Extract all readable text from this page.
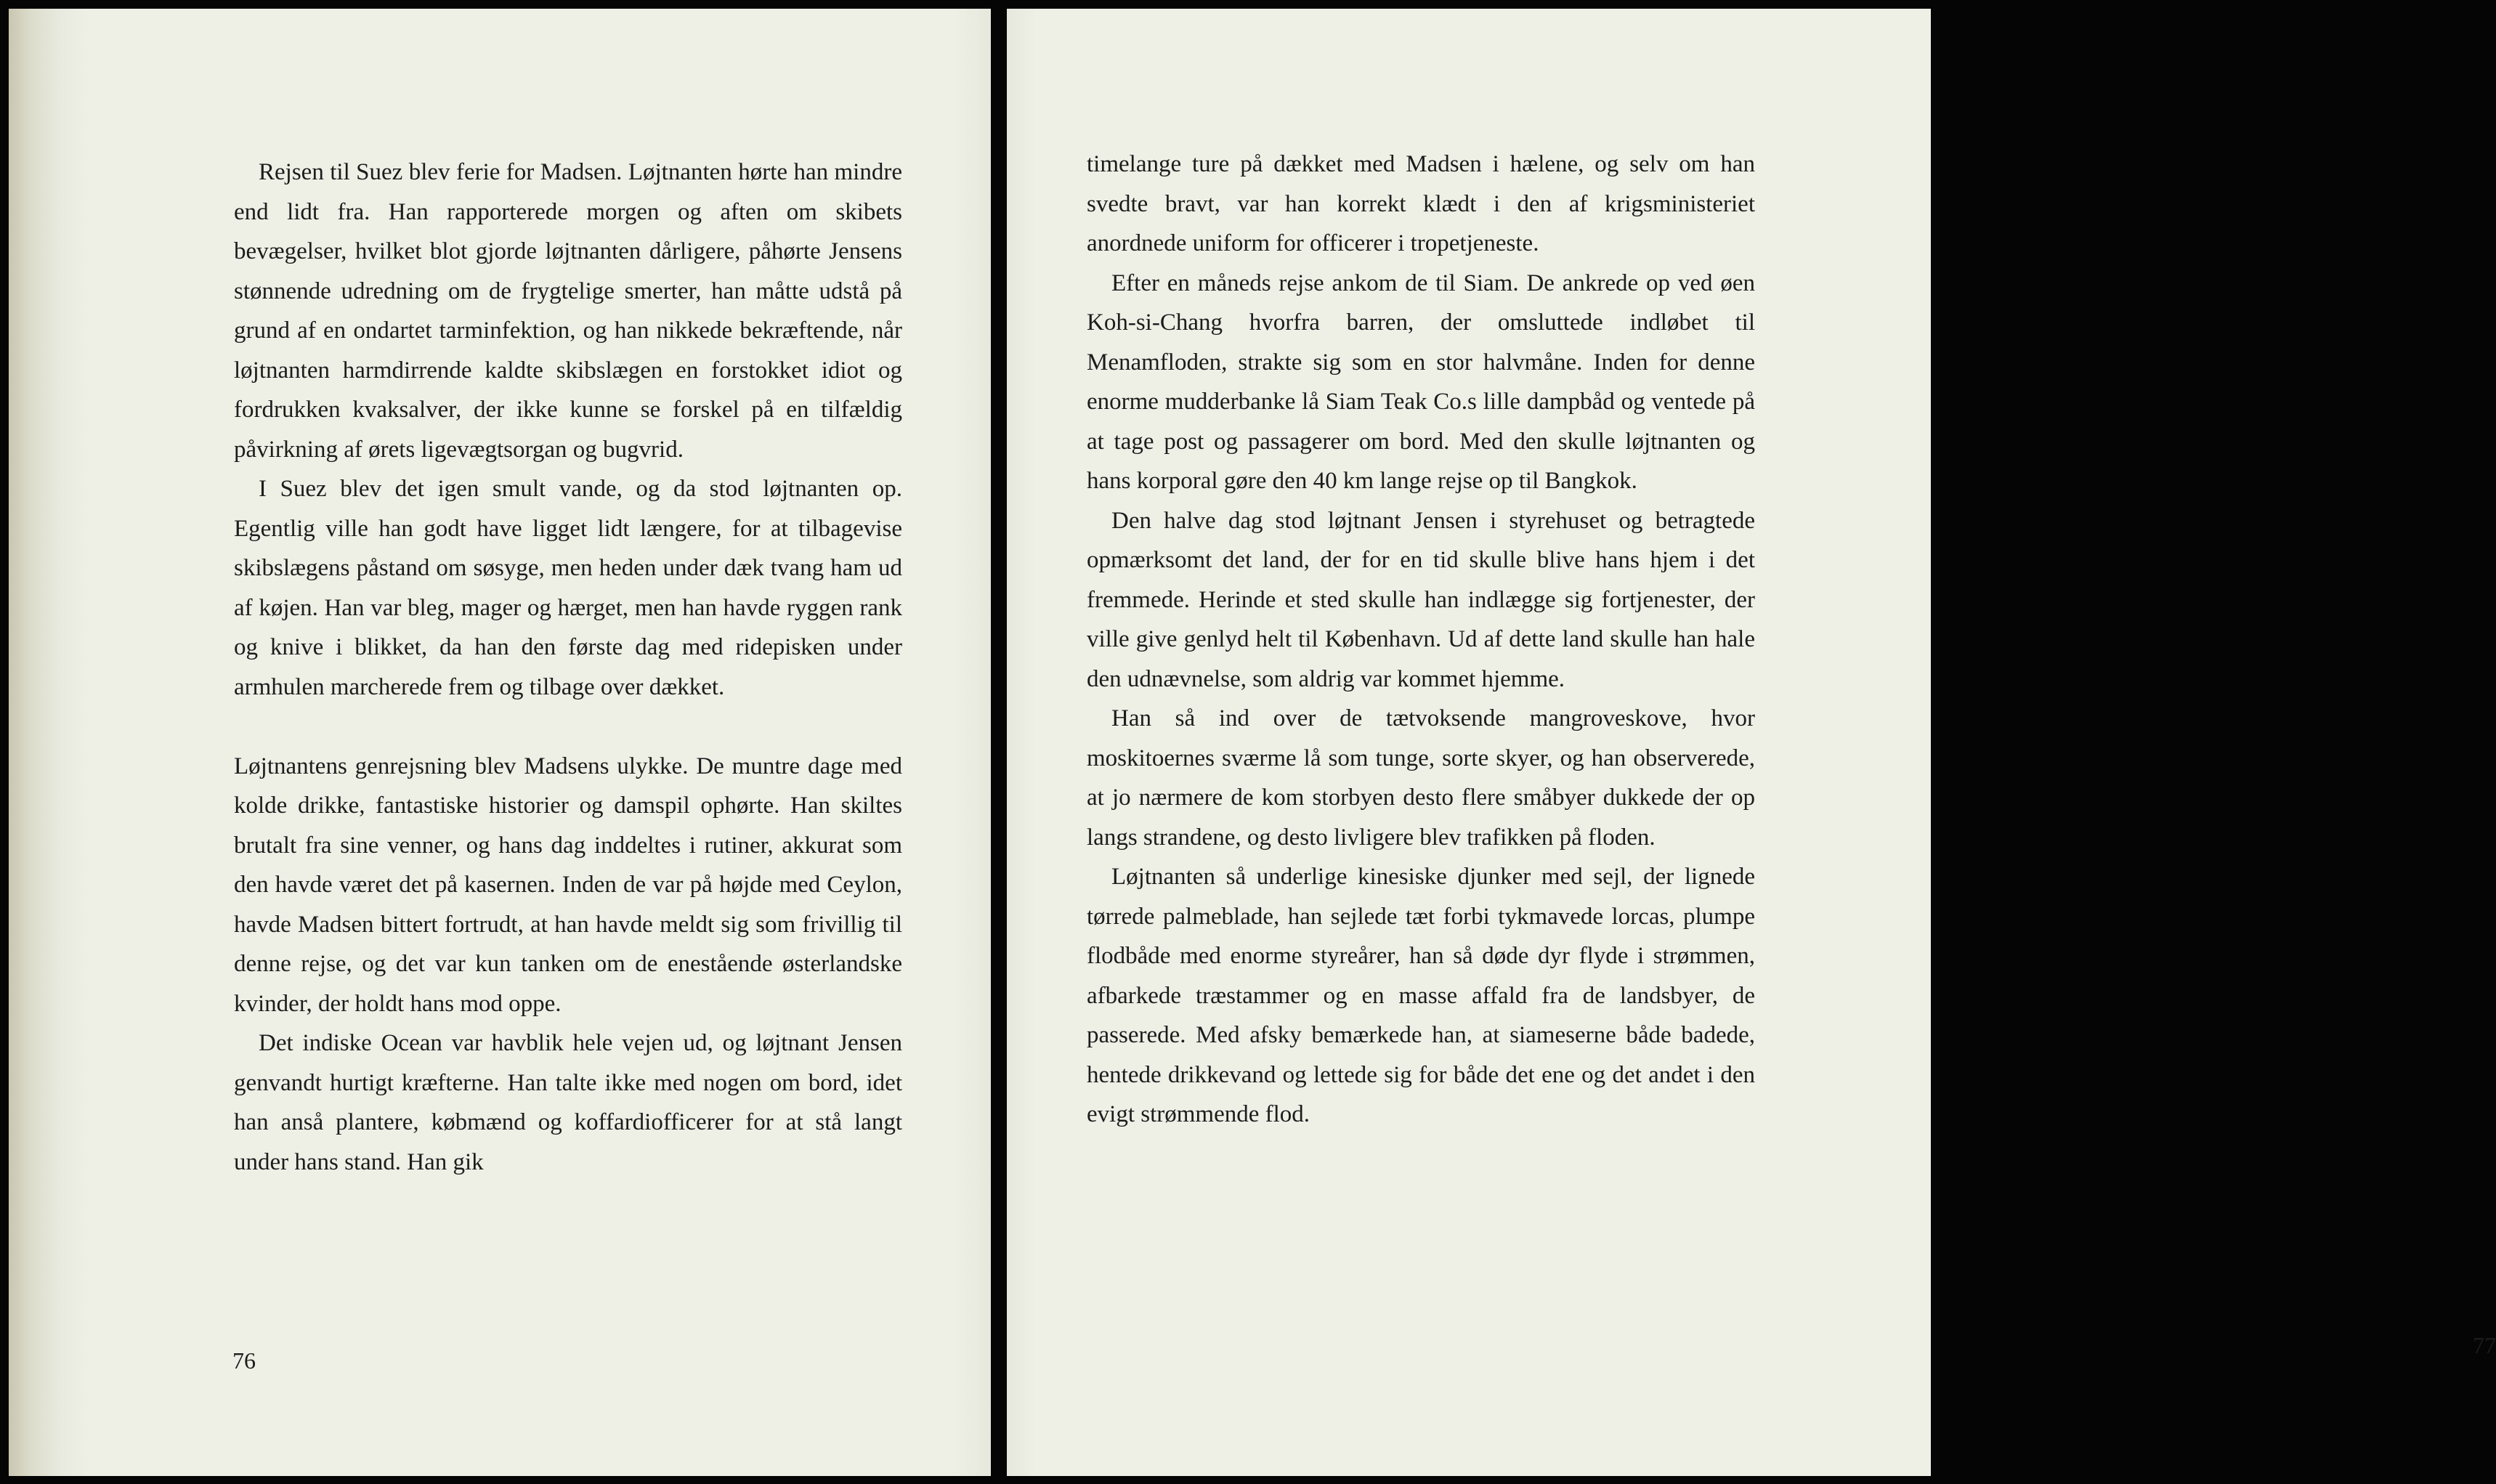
Rejsen til Suez blev ferie for Madsen. Løjtnanten hørte han mindre end lidt fra. Han rapporterede morgen og aften om skibets bevægelser, hvilket blot gjorde løjtnanten dårligere, påhørte Jensens stønnende udredning om de frygtelige smerter, han måtte udstå på grund af en ondartet tarminfektion, og han nikkede bekræftende, når løjtnanten harmdirrende kaldte skibslægen en forstokket idiot og fordrukken kvaksalver, der ikke kunne se forskel på en tilfældig påvirkning af ørets ligevægtsorgan og bugvrid.

I Suez blev det igen smult vande, og da stod løjtnanten op. Egentlig ville han godt have ligget lidt længere, for at tilbagevise skibslægens påstand om søsyge, men heden under dæk tvang ham ud af køjen. Han var bleg, mager og hærget, men han havde ryggen rank og knive i blikket, da han den første dag med ridepisken under armhulen marcherede frem og tilbage over dækket.

Løjtnantens genrejsning blev Madsens ulykke. De muntre dage med kolde drikke, fantastiske historier og damspil ophørte. Han skiltes brutalt fra sine venner, og hans dag inddeltes i rutiner, akkurat som den havde været det på kasernen. Inden de var på højde med Ceylon, havde Madsen bittert fortrudt, at han havde meldt sig som frivillig til denne rejse, og det var kun tanken om de enestående østerlandske kvinder, der holdt hans mod oppe.

Det indiske Ocean var havblik hele vejen ud, og løjtnant Jensen genvandt hurtigt kræfterne. Han talte ikke med nogen om bord, idet han anså plantere, købmænd og koffardiofficerer for at stå langt under hans stand. Han gik

76

timelange ture på dækket med Madsen i hælene, og selv om han svedte bravt, var han korrekt klædt i den af krigsministeriet anordnede uniform for officerer i tropetjeneste.

Efter en måneds rejse ankom de til Siam. De ankrede op ved øen Koh-si-Chang hvorfra barren, der omsluttede indløbet til Menamfloden, strakte sig som en stor halvmåne. Inden for denne enorme mudderbanke lå Siam Teak Co.s lille dampbåd og ventede på at tage post og passagerer om bord. Med den skulle løjtnanten og hans korporal gøre den 40 km lange rejse op til Bangkok.

Den halve dag stod løjtnant Jensen i styrehuset og betragtede opmærksomt det land, der for en tid skulle blive hans hjem i det fremmede. Herinde et sted skulle han indlægge sig fortjenester, der ville give genlyd helt til København. Ud af dette land skulle han hale den udnævnelse, som aldrig var kommet hjemme.

Han så ind over de tætvoksende mangroveskove, hvor moskitoernes sværme lå som tunge, sorte skyer, og han observerede, at jo nærmere de kom storbyen desto flere småbyer dukkede der op langs strandene, og desto livligere blev trafikken på floden.

Løjtnanten så underlige kinesiske djunker med sejl, der lignede tørrede palmeblade, han sejlede tæt forbi tykmavede lorcas, plumpe flodbåde med enorme styreårer, han så døde dyr flyde i strømmen, afbarkede træstammer og en masse affald fra de landsbyer, de passerede. Med afsky bemærkede han, at siameserne både badede, hentede drikkevand og lettede sig for både det ene og det andet i den evigt strømmende flod.

77
